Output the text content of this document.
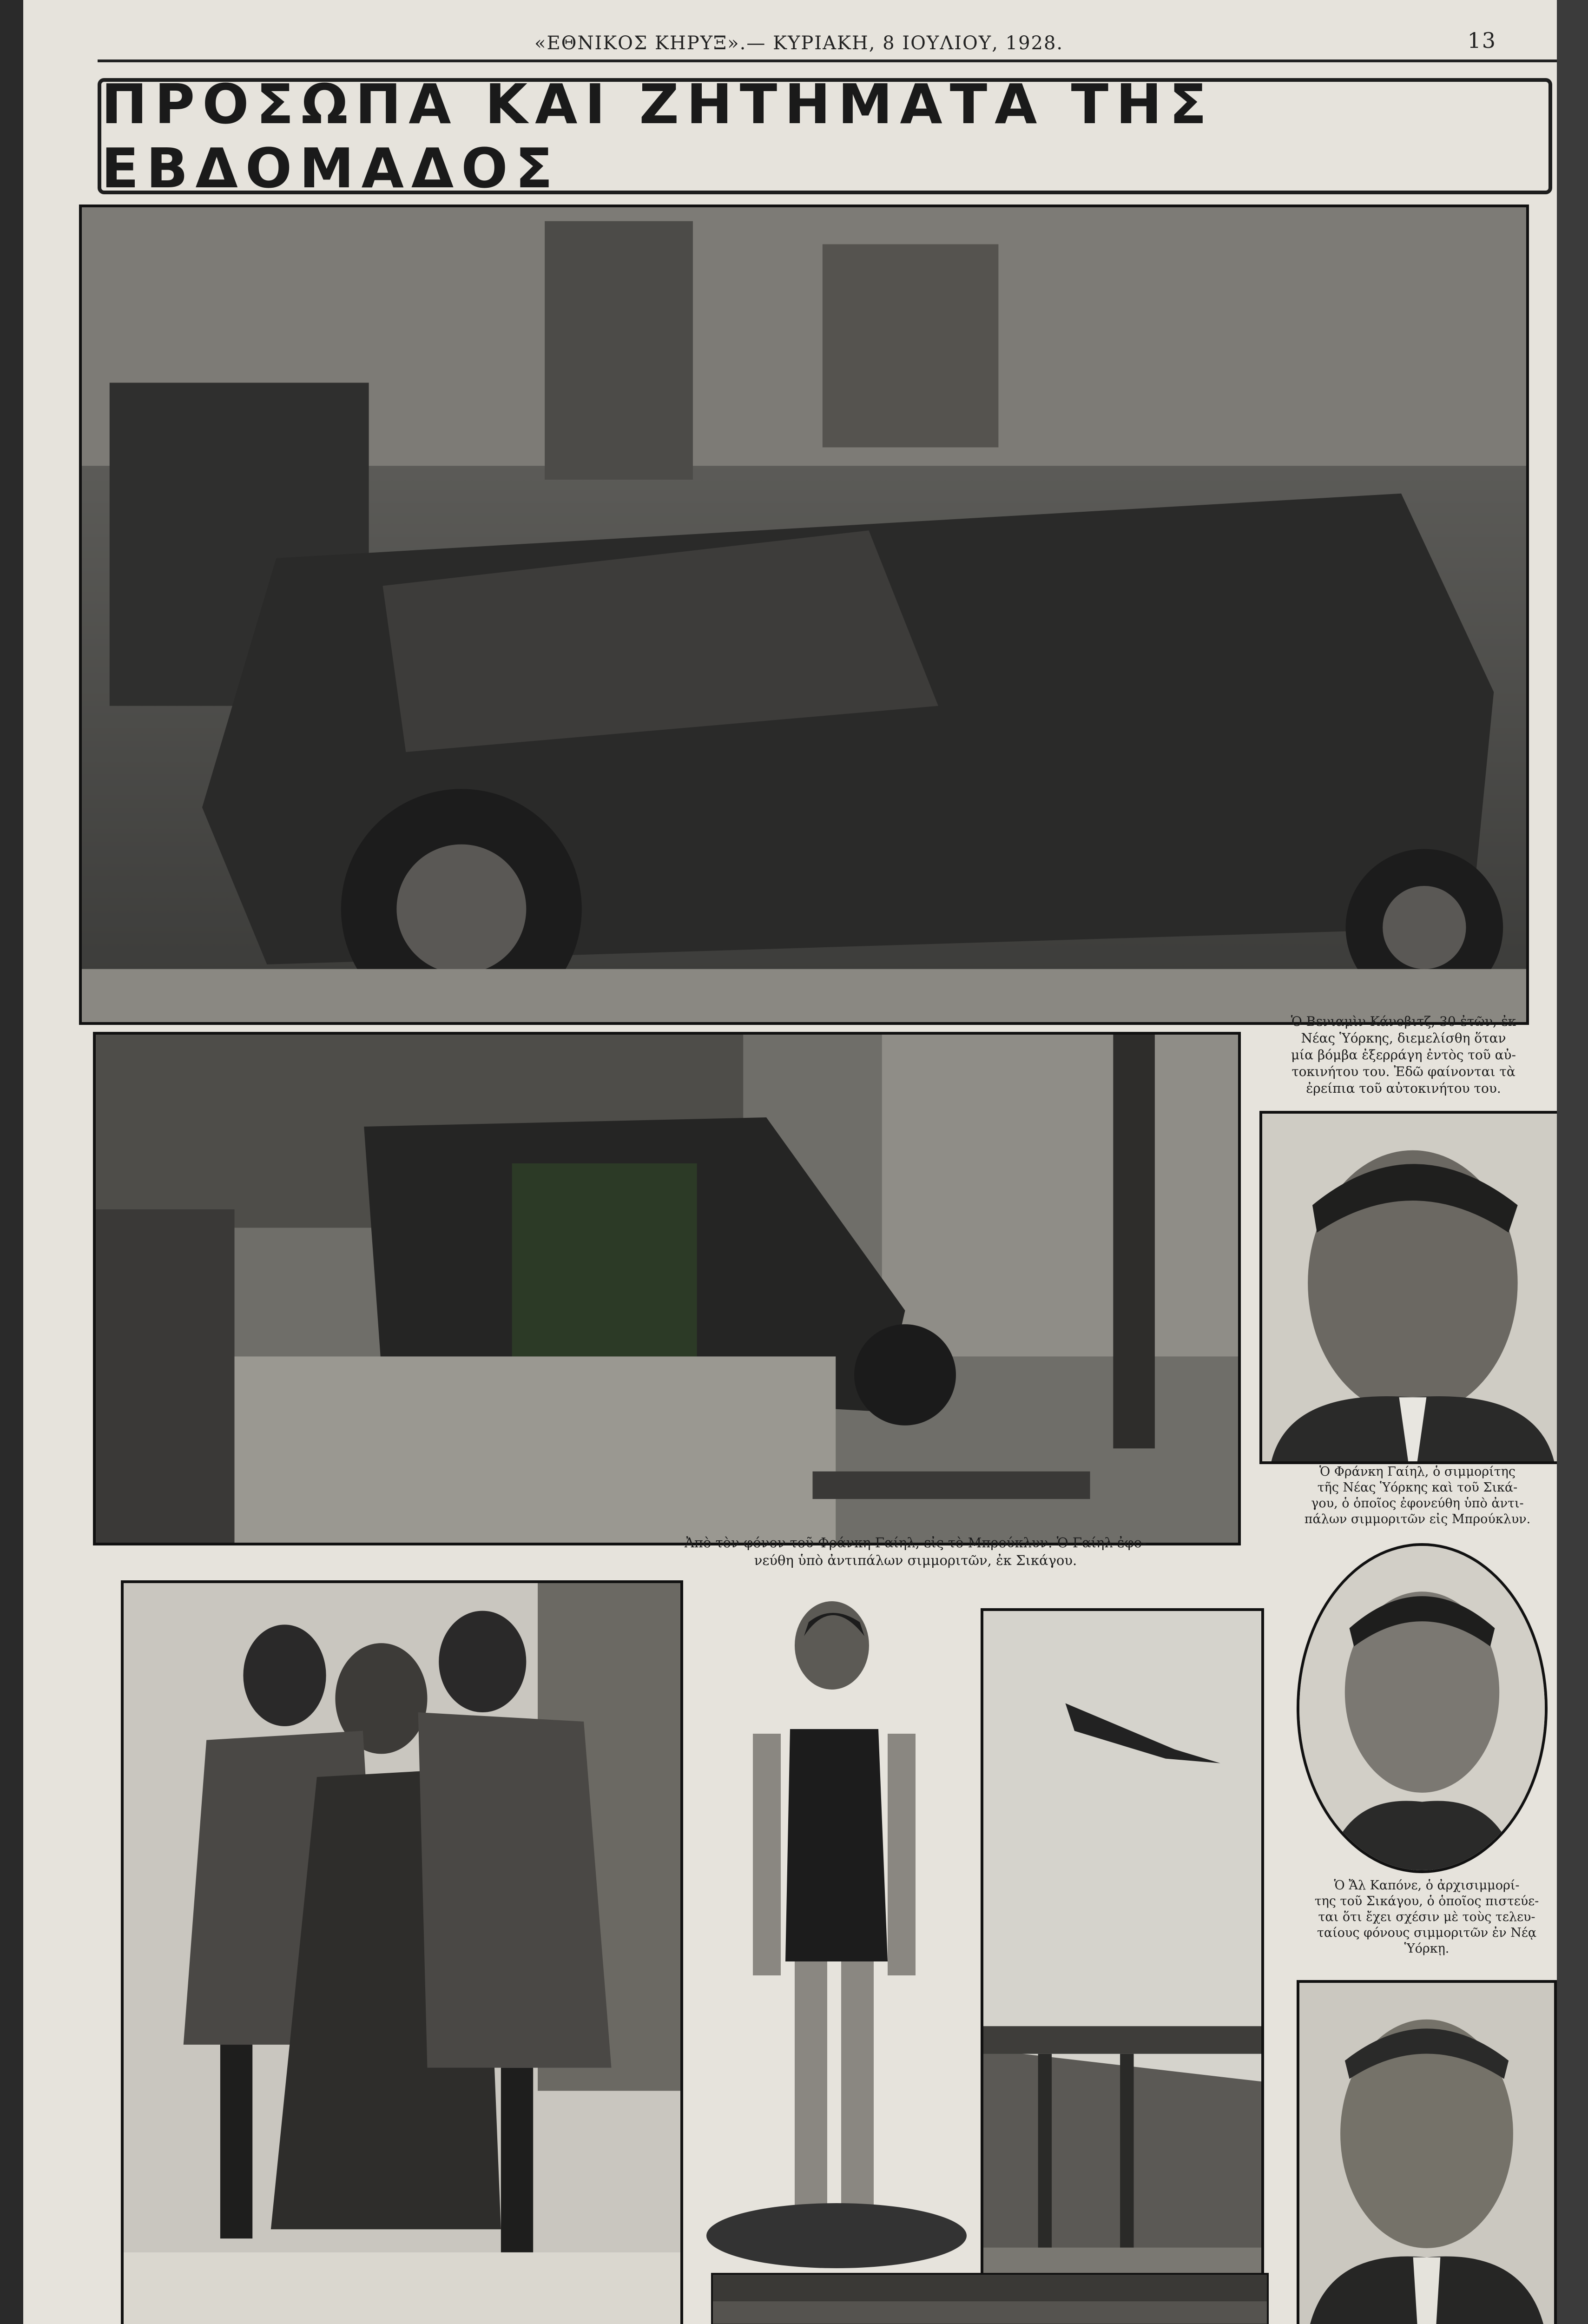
«ΕΘΝΙΚΟΣ ΚΗΡΥΞ».— ΚΥΡΙΑΚΗ, 8 ΙΟΥΛΙΟΥ, 1928.	13
ΠΡΟΣΩΠΑ ΚΑΙ ΖΗΤΗΜΑΤΑ ΤΗΣ ΕΒΔΟΜΑΔΟΣ
Ὁ Βενιαμὶν Κάνοβιτζ, 30 ἐτῶν, ἐκ
Νέας Ὑόρκης, διεμελίσθη ὅταν
μία βόμβα ἐξερράγη ἐντὸς τοῦ αὐ-
τοκινήτου του. Ἐδῶ φαίνονται τὰ
ἐρείπια τοῦ αὐτοκινήτου του.
Ἀπὸ τὸν φόνον τοῦ Φράνκη Γαίηλ, εἰς τὸ Μπρούκλυν. Ὁ Γαίηλ ἐφο-
νεύθη ὑπὸ ἀντιπάλων σιμμοριτῶν, ἐκ Σικάγου.
Ὁ Φράνκη Γαίηλ, ὁ σιμμορίτης
τῆς Νέας Ὑόρκης καὶ τοῦ Σικά-
γου, ὁ ὁποῖος ἐφονεύθη ὑπὸ ἀντι-
πάλων σιμμοριτῶν εἰς Μπρούκλυν.
Ὁ Ἄλ Καπόνε, ὁ ἀρχισιμμορί-
της τοῦ Σικάγου, ὁ ὁποῖος πιστεύε-
ται ὅτι ἔχει σχέσιν μὲ τοὺς τελευ-
ταίους φόνους σιμμοριτῶν ἐν Νέᾳ
Ὑόρκῃ.
